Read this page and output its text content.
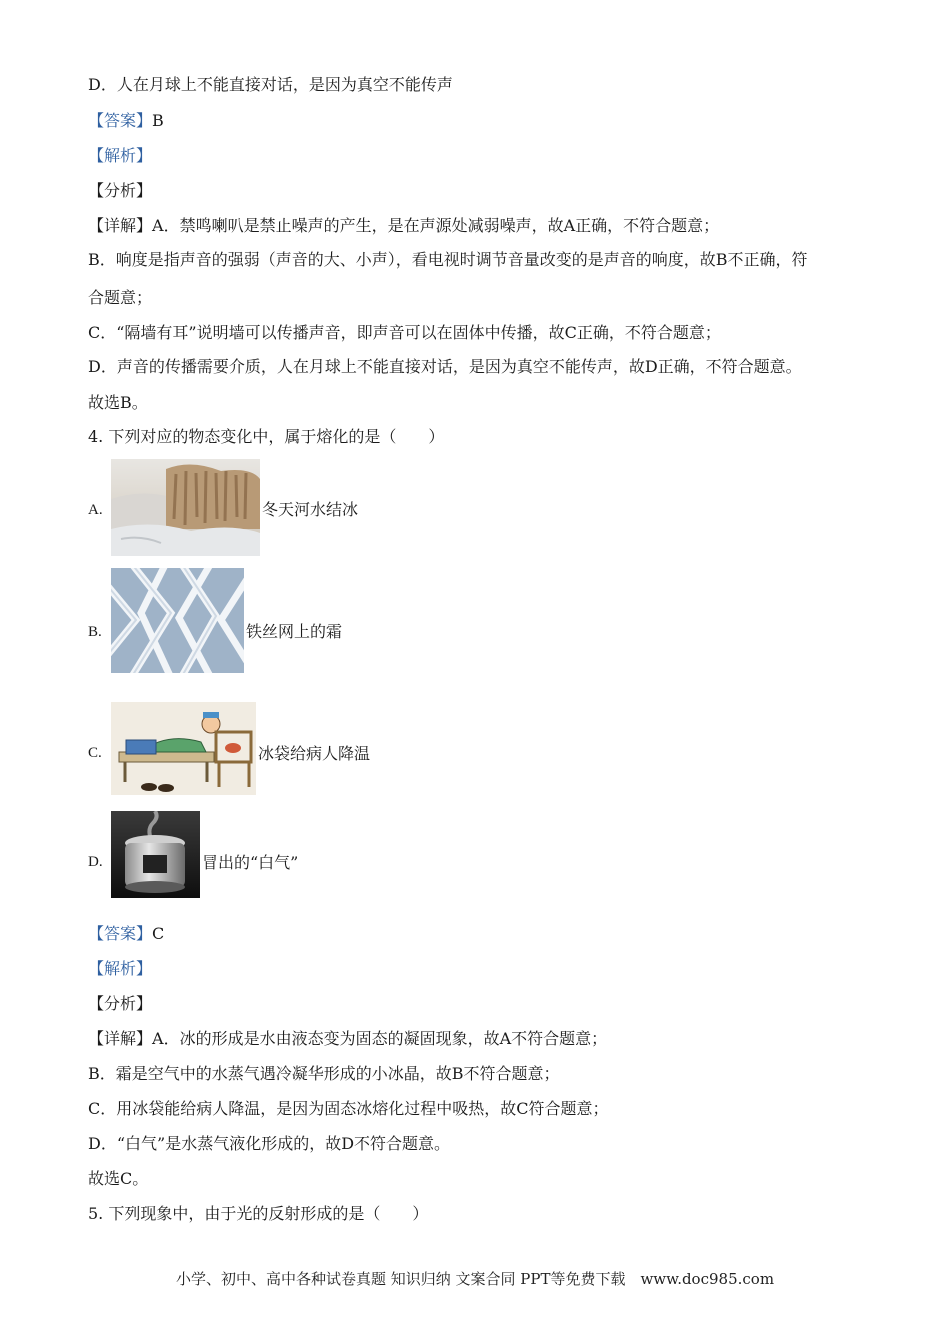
D．人在月球上不能直接对话，是因为真空不能传声
【答案】B
【解析】
【分析】
【详解】A．禁鸣喇叭是禁止噪声的产生，是在声源处减弱噪声，故A正确，不符合题意；
B．响度是指声音的强弱（声音的大、小声），看电视时调节音量改变的是声音的响度，故B不正确，符
合题意；
C．“隔墙有耳”说明墙可以传播声音，即声音可以在固体中传播，故C正确，不符合题意；
D．声音的传播需要介质，人在月球上不能直接对话，是因为真空不能传声，故D正确，不符合题意。
故选B。
4. 下列对应的物态变化中，属于熔化的是（　　）
A.	冬天河水结冰
B.	铁丝网上的霜
C.	冰袋给病人降温
D.	冒出的“白气”
【答案】C
【解析】
【分析】
【详解】A．冰的形成是水由液态变为固态的凝固现象，故A不符合题意；
B．霜是空气中的水蒸气遇冷凝华形成的小冰晶，故B不符合题意；
C．用冰袋能给病人降温，是因为固态冰熔化过程中吸热，故C符合题意；
D．“白气”是水蒸气液化形成的，故D不符合题意。
故选C。
5. 下列现象中，由于光的反射形成的是（　　）
小学、初中、高中各种试卷真题 知识归纳 文案合同 PPT等免费下载　www.doc985.com
